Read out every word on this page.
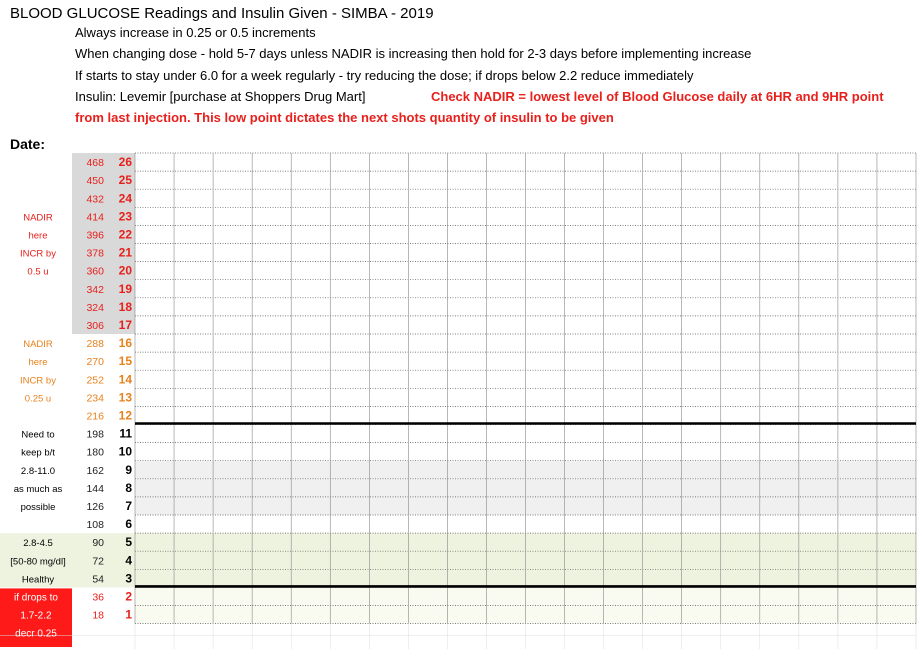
BLOOD GLUCOSE Readings and Insulin Given - SIMBA - 2019
Always increase in 0.25 or 0.5 increments
When changing dose - hold 5-7 days unless NADIR is increasing then hold for 2-3 days before implementing increase
If starts to stay under 6.0 for a week regularly - try reducing the dose; if drops below 2.2 reduce immediately
Insulin: Levemir [purchase at Shoppers Drug Mart]	Check NADIR = lowest level of Blood Glucose daily at 6HR and 9HR point
from last injection. This low point dictates the next shots quantity of insulin to be given
Date:
468 26
450 25
432 24
414 23
396 22
378 21
360 20
342 19
324 18
306 17
288 16
270 15
252 14
234 13
216 12
198 11
180 10
162 9
144 8
126 7
108 6
90 5
72 4
54 3
36 2
18 1
NADIR
here
INCR by
0.5 u
NADIR
here
INCR by
0.25 u
Need to
keep b/t
2.8-11.0
as much as
possible
2.8-4.5
[50-80 mg/dl]
Healthy
if drops to
1.7-2.2
decr 0.25
